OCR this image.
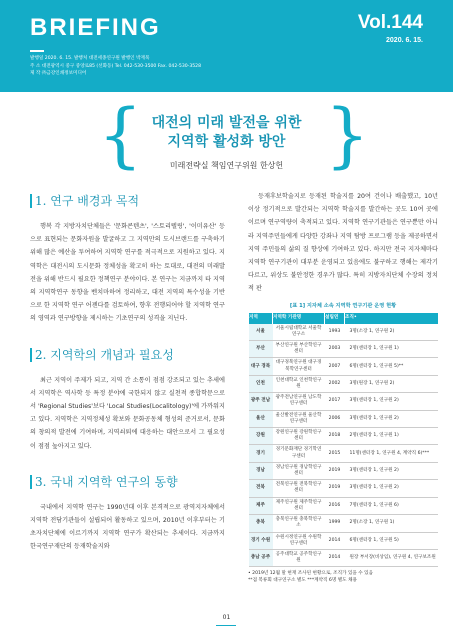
BRIEFING	Vol.144
2020. 6. 15.
발행일 2020. 6. 15. 발행처 대전세종연구원 발행인 박재묵
주 소 대전광역시 중구 중앙로85 (선화동) Tel. 042-530-3500 Fax. 042-530-3528
제 작 ㈜금강인쇄정보미디어
{	}
대전의 미래 발전을 위한
지역학 활성화 방안
미래전략실 책임연구위원 한상헌
1. 연구 배경과 목적

행복 각 지방자치단체들은 '문화콘텐츠', '스토리텔링', '이미유산' 등으로 표현되는 문화자원을 발굴하고 그 지역만의 도시브랜드를 구축하기 위해 많은 예산을 투여하여 지역학 연구를 적극적으로 지원하고 있다. 지역학은 대전시의 도시문화 정체성을 확고히 하는 토대로, 대전의 미래발전을 위해 반드시 필요한 정책연구 분야이다. 본 연구는 지금까지 타 지역의 지역학연구 동향을 벤치마하여 정리하고, 대전 지역의 특수성을 기반으로 한 지역학 연구 어젠다를 검토하여, 향후 전행되어야 할 지역학 연구의 영역과 연구방향을 제시하는 기초연구의 성격을 지닌다.

2. 지역학의 개념과 필요성

최근 지역이 주제가 되고, 지역 간 소통이 점점 강조되고 있는 추세에서 지역학은 역사학 등 특정 분야에 국한되지 않고 실천적 종합학문으로서 'Regional Studies'보다 'Local Studies(Localitology)'에 가까워지고 있다. 지역학은 지역정체성 확보와 문화공동체 형성의 준거로서, 문화의 창의적 발전에 기여하며, 지역쇠퇴에 대응하는 대안으로서 그 필요성이 점점 높아지고 있다.

3. 국내 지역학 연구의 동향

국내에서 지역학 연구는 1990년대 이후 본격적으로 광역지자체에서 지역학 전담기관들이 설립되어 활동하고 있으며, 2010년 이후부터는 기초자치단체에 이르기까지 지역학 연구가 확산되는 추세이다. 지금까지 한국연구재단의 등재학술지와

등재후보학술지로 등재된 학술지를 20여 건이나 배출했고, 10년 이상 정기적으로 발간되는 지역학 학술지를 발간하는 곳도 10여 곳에 이르며 연구역량이 축적되고 있다. 지역학 연구기관들은 연구뿐만 아니라 지역주민들에게 다양한 강좌나 지역 탐방 프로그램 등을 제공하면서 지역 주민들의 삶의 질 향상에 기여하고 있다. 하지만 전국 지자체마다 지역학 연구기관이 대부분 운영되고 있음에도 불구하고 행해는 제각기 다르고, 위상도 불안정한 경우가 많다. 특히 지방자치단체 수장의 정치적 판

[표 1] 지자체 소속 지역학 연구기관 운영 현황
지역	지역학 기관명	설립연	조직•
서울	서울시립대학교 서울학연구소	1993	3명(소장 1, 연구원 2)
부산	부산연구원 부산학연구센터	2003	2명(센터장 1, 연구원 1)
대구 경북	대구경북연구원 대구경북학연구센터	2007	6명(센터장 1, 연구원 5)**
인천	인천대학교 인천학연구원	2002	3명(원장 1, 연구원 2)
광주 전남	광주전남연구원 남도학연구센터	2017	3명(센터장 1, 연구원 2)
울산	울산발전연구원 울산학연구센터	2006	3명(센터장 1, 연구원 2)
강원	강원연구원 강원학연구센터	2018	2명(센터장 1, 연구원 1)
경기	경기문화재단 경기학연구센터	2015	11명(센터장 1, 연구원 4, 계약직 6)***
경남	경남연구원 경남학연구센터	2019	3명(센터장 1, 연구원 2)
전북	전북연구원 전북학연구센터	2019	3명(센터장 1, 연구원 2)
제주	제주연구원 제주학연구센터	2016	7명(센터장 1, 연구원 6)
충북	충북연구원 충북학연구소	1999	2명(소장 1, 연구원 1)
경기 수원	수원시정연구원 수원학연구센터	2014	6명(센터장 1, 연구원 5)
충남 공주	공주대학교 공주학연구원	2014	원장 부서장(비상임), 연구원 4, 연구보조원
• 2019년 12월 말 현재 조사된 현황으로, 조직가 있을 수 있음
**겸 복류회 대구연구소 별도 ***계약직 6명 별도 채용
01
